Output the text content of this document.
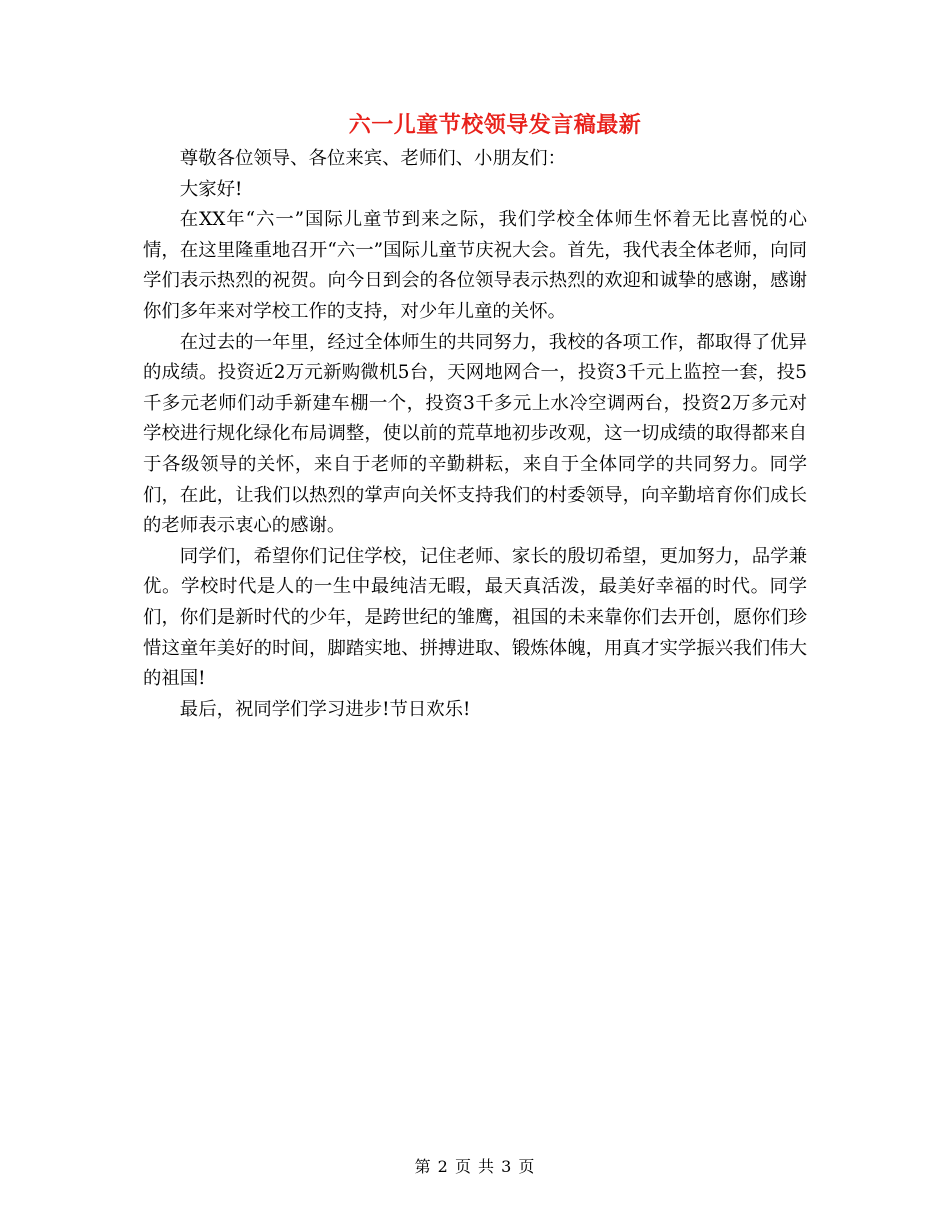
六一儿童节校领导发言稿最新

尊敬各位领导、各位来宾、老师们、小朋友们：

大家好!

在XX年“六一”国际儿童节到来之际，我们学校全体师生怀着无比喜悦的心情，在这里隆重地召开“六一”国际儿童节庆祝大会。首先，我代表全体老师，向同学们表示热烈的祝贺。向今日到会的各位领导表示热烈的欢迎和诚挚的感谢，感谢你们多年来对学校工作的支持，对少年儿童的关怀。

在过去的一年里，经过全体师生的共同努力，我校的各项工作，都取得了优异的成绩。投资近2万元新购微机5台，天网地网合一，投资3千元上监控一套，投5千多元老师们动手新建车棚一个，投资3千多元上水冷空调两台，投资2万多元对学校进行规化绿化布局调整，使以前的荒草地初步改观，这一切成绩的取得都来自于各级领导的关怀，来自于老师的辛勤耕耘，来自于全体同学的共同努力。同学们，在此，让我们以热烈的掌声向关怀支持我们的村委领导，向辛勤培育你们成长的老师表示衷心的感谢。

同学们，希望你们记住学校，记住老师、家长的殷切希望，更加努力，品学兼优。学校时代是人的一生中最纯洁无暇，最天真活泼，最美好幸福的时代。同学们，你们是新时代的少年，是跨世纪的雏鹰，祖国的未来靠你们去开创，愿你们珍惜这童年美好的时间，脚踏实地、拼搏进取、锻炼体魄，用真才实学振兴我们伟大的祖国!

最后，祝同学们学习进步!节日欢乐!

第 2 页 共 3 页
